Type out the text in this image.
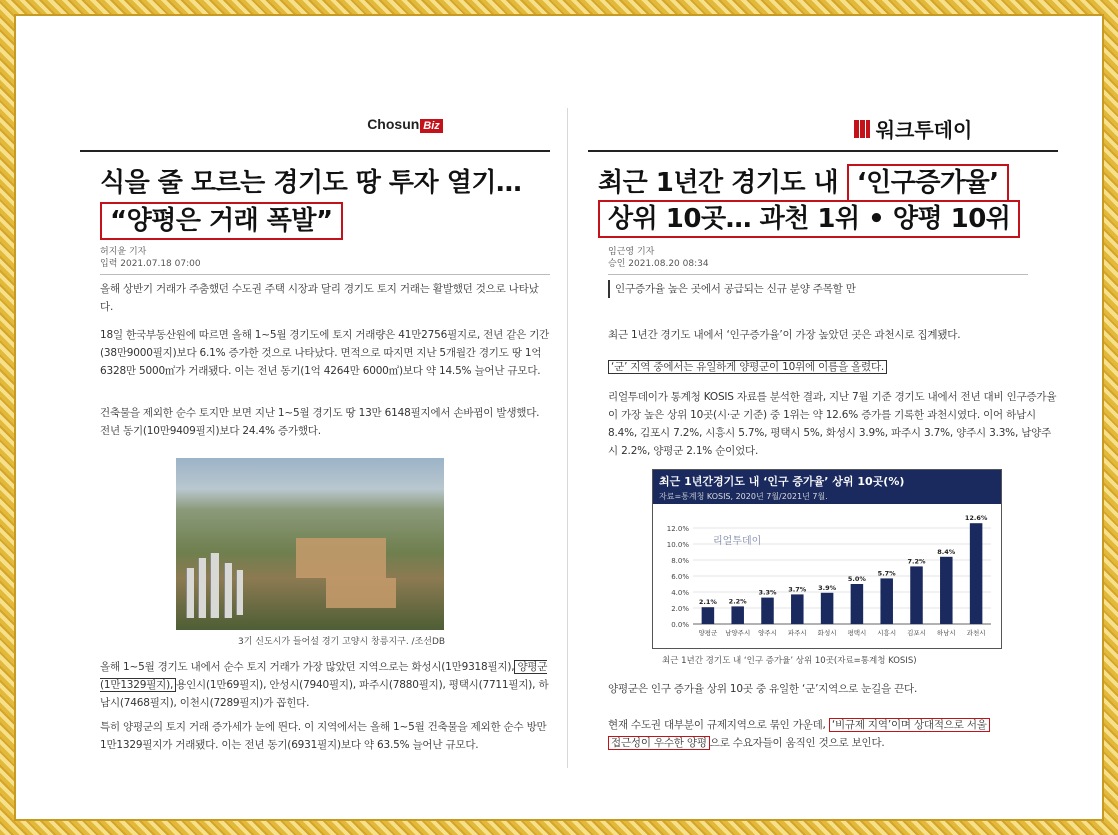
Chosun Biz
식을 줄 모르는 경기도 땅 투자 열기…
“양평은 거래 폭발”
허지윤 기자
입력 2021.07.18 07:00
올해 상반기 거래가 주춤했던 수도권 주택 시장과 달리 경기도 토지 거래는 활발했던 것으로 나타났다.
18일 한국부동산원에 따르면 올해 1~5월 경기도에 토지 거래량은 41만2756필지로, 전년 같은 기간(38만9000필지)보다 6.1% 증가한 것으로 나타났다. 면적으로 따지면 지난 5개월간 경기도 땅 1억 6328만 5000㎡가 거래됐다. 이는 전년 동기(1억 4264만 6000㎡)보다 약 14.5% 늘어난 규모다.
건축물을 제외한 순수 토지만 보면 지난 1~5월 경기도 땅 13만 6148필지에서 손바뀜이 발생했다. 전년 동기(10만9409필지)보다 24.4% 증가했다.
3기 신도시가 들어설 경기 고양시 창릉지구. /조선DB
올해 1~5월 경기도 내에서 순수 토지 거래가 가장 많았던 지역으로는 화성시(1만9318필지), 양평군(1만1329필지), 용인시(1만69필지), 안성시(7940필지), 파주시(7880필지), 평택시(7711필지), 하남시(7468필지), 이천시(7289필지)가 꼽힌다.
특히 양평군의 토지 거래 증가세가 눈에 띈다. 이 지역에서는 올해 1~5월 건축물을 제외한 순수 방만 1만1329필지가 거래됐다. 이는 전년 동기(6931필지)보다 약 63.5% 늘어난 규모다.
워크투데이
최근 1년간 경기도 내 ‘인구증가율’
상위 10곳… 과천 1위 • 양평 10위
임근영 기자
승인 2021.08.20 08:34
인구증가율 높은 곳에서 공급되는 신규 분양 주목할 만
최근 1년간 경기도 내에서 ‘인구증가율’이 가장 높았던 곳은 과천시로 집계됐다.
‘군’ 지역 중에서는 유일하게 양평군이 10위에 이름을 올렸다.
리얼투데이가 통계청 KOSIS 자료를 분석한 결과, 지난 7월 기준 경기도 내에서 전년 대비 인구증가율이 가장 높은 상위 10곳(시·군 기준) 중 1위는 약 12.6% 증가를 기록한 과천시였다. 이어 하남시 8.4%, 김포시 7.2%, 시흥시 5.7%, 평택시 5%, 화성시 3.9%, 파주시 3.7%, 양주시 3.3%, 남양주시 2.2%, 양평군 2.1% 순이었다.
최근 1년간경기도 내 ‘인구 증가율’ 상위 10곳(%)
자료=통계청 KOSIS, 2020년 7월/2021년 7월.
0.0%
2.0%
4.0%
6.0%
8.0%
10.0%
12.0%
리얼투데이
2.1%
양평군
2.2%
남양주시
3.3%
양주시
3.7%
파주시
3.9%
화성시
5.0%
평택시
5.7%
시흥시
7.2%
김포시
8.4%
하남시
12.6%
과천시
최근 1년간 경기도 내 ‘인구 증가율’ 상위 10곳(자료=통계청 KOSIS)
양평군은 인구 증가율 상위 10곳 중 유일한 ‘군’지역으로 눈길을 끈다.
현재 수도권 대부분이 규제지역으로 묶인 가운데, ‘비규제 지역’이며 상대적으로 서울
접근성이 우수한 양평 으로 수요자들이 움직인 것으로 보인다.
